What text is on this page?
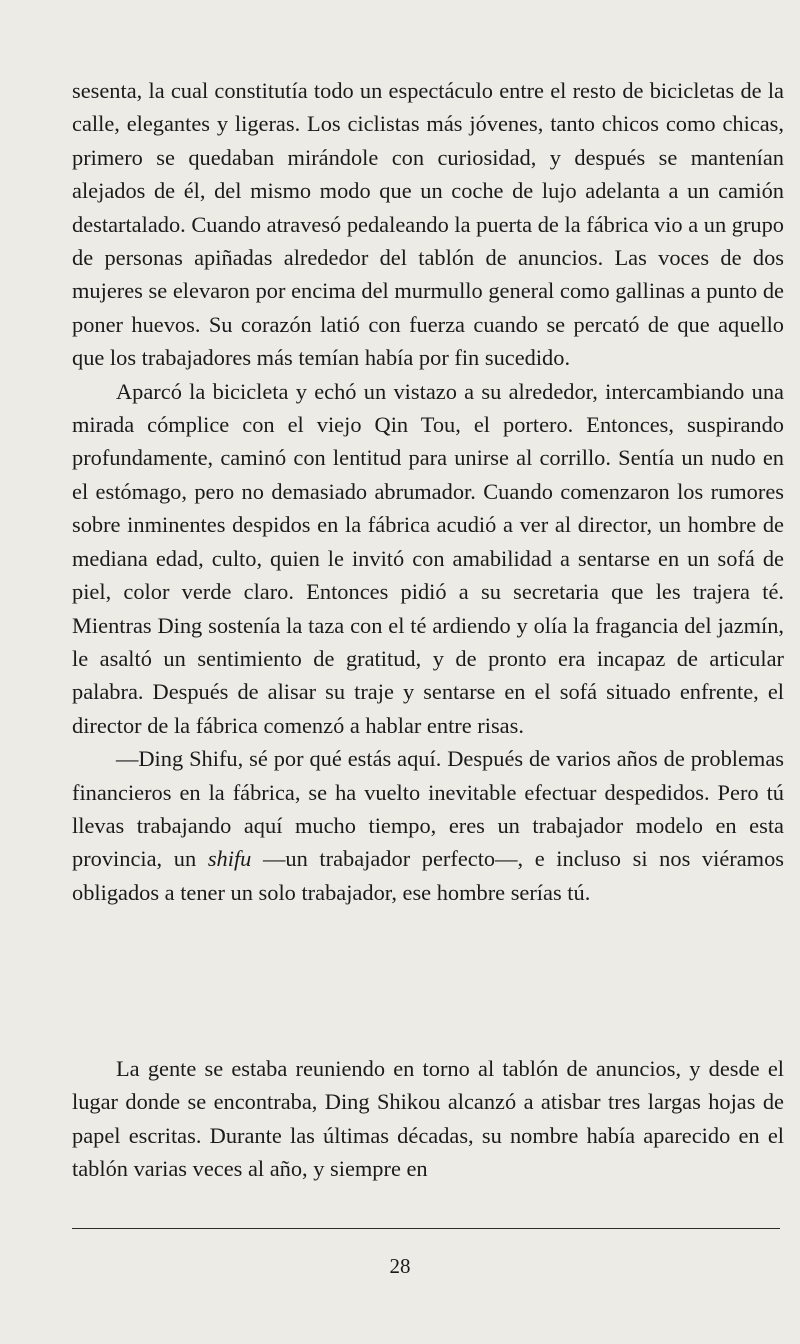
sesenta, la cual constitutía todo un espectáculo entre el resto de bicicletas de la calle, elegantes y ligeras. Los ciclistas más jóvenes, tanto chicos como chicas, primero se quedaban mirándole con curiosidad, y después se mantenían alejados de él, del mismo modo que un coche de lujo adelanta a un camión destartalado. Cuando atravesó pedaleando la puerta de la fábrica vio a un grupo de personas apiñadas alrededor del tablón de anuncios. Las voces de dos mujeres se elevaron por encima del murmullo general como gallinas a punto de poner huevos. Su corazón latió con fuerza cuando se percató de que aquello que los trabajadores más temían había por fin sucedido.

Aparcó la bicicleta y echó un vistazo a su alrededor, intercambiando una mirada cómplice con el viejo Qin Tou, el portero. Entonces, suspirando profundamente, caminó con lentitud para unirse al corrillo. Sentía un nudo en el estómago, pero no demasiado abrumador. Cuando comenzaron los rumores sobre inminentes despidos en la fábrica acudió a ver al director, un hombre de mediana edad, culto, quien le invitó con amabilidad a sentarse en un sofá de piel, color verde claro. Entonces pidió a su secretaria que les trajera té. Mientras Ding sostenía la taza con el té ardiendo y olía la fragancia del jazmín, le asaltó un sentimiento de gratitud, y de pronto era incapaz de articular palabra. Después de alisar su traje y sentarse en el sofá situado enfrente, el director de la fábrica comenzó a hablar entre risas.

—Ding Shifu, sé por qué estás aquí. Después de varios años de problemas financieros en la fábrica, se ha vuelto inevitable efectuar despedidos. Pero tú llevas trabajando aquí mucho tiempo, eres un trabajador modelo en esta provincia, un shifu —un trabajador perfecto—, e incluso si nos viéramos obligados a tener un solo trabajador, ese hombre serías tú.

La gente se estaba reuniendo en torno al tablón de anuncios, y desde el lugar donde se encontraba, Ding Shikou alcanzó a atisbar tres largas hojas de papel escritas. Durante las últimas décadas, su nombre había aparecido en el tablón varias veces al año, y siempre en

28
